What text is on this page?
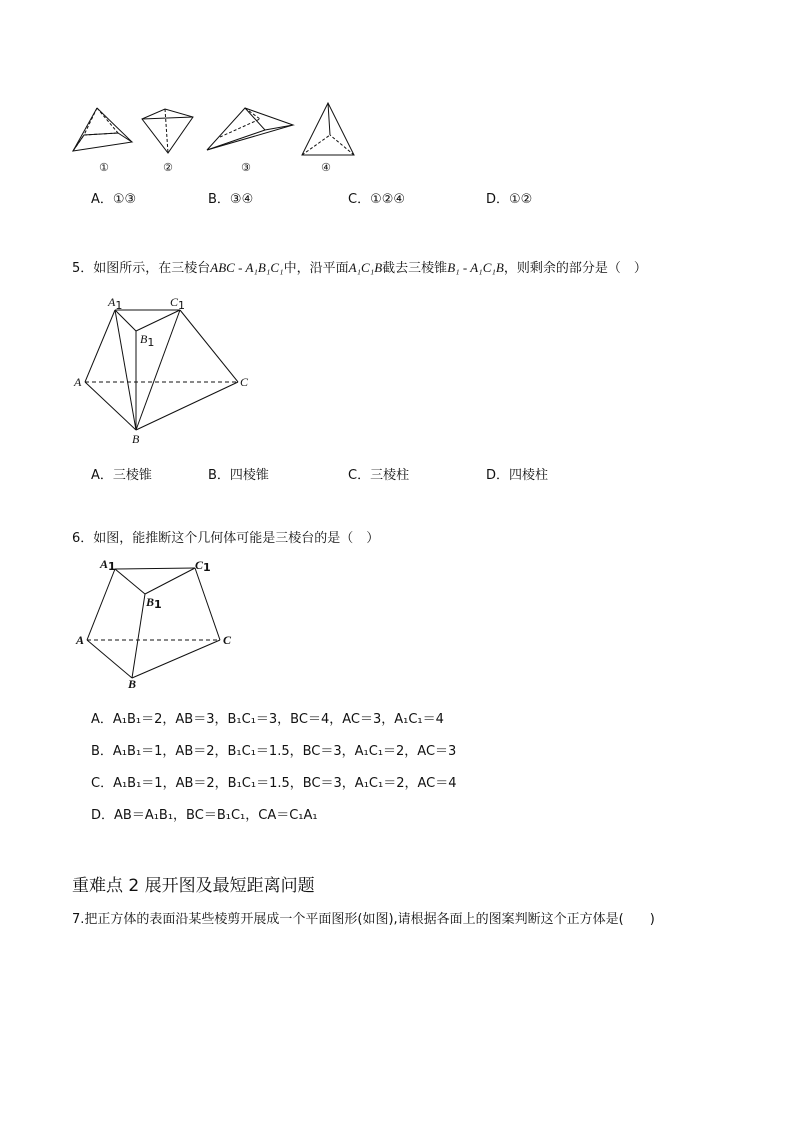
①	②	③	④
A．①③	B．③④	C．①②④	D．①②
5．如图所示，在三棱台ABC - A₁B₁C₁中，沿平面A₁C₁B截去三棱锥B₁ - A₁C₁B，则剩余的部分是（　）
A1	C1
B1
A	C
B
A．三棱锥	B．四棱锥	C．三棱柱	D．四棱柱
6．如图，能推断这个几何体可能是三棱台的是（　）
A1	C1
B1
A	C
B
A．A₁B₁＝2，AB＝3，B₁C₁＝3，BC＝4，AC＝3，A₁C₁＝4
B．A₁B₁＝1，AB＝2，B₁C₁＝1.5，BC＝3，A₁C₁＝2，AC＝3
C．A₁B₁＝1，AB＝2，B₁C₁＝1.5，BC＝3，A₁C₁＝2，AC＝4
D．AB＝A₁B₁，BC＝B₁C₁，CA＝C₁A₁
重难点 2 展开图及最短距离问题
7.把正方体的表面沿某些棱剪开展成一个平面图形(如图),请根据各面上的图案判断这个正方体是(　　)
